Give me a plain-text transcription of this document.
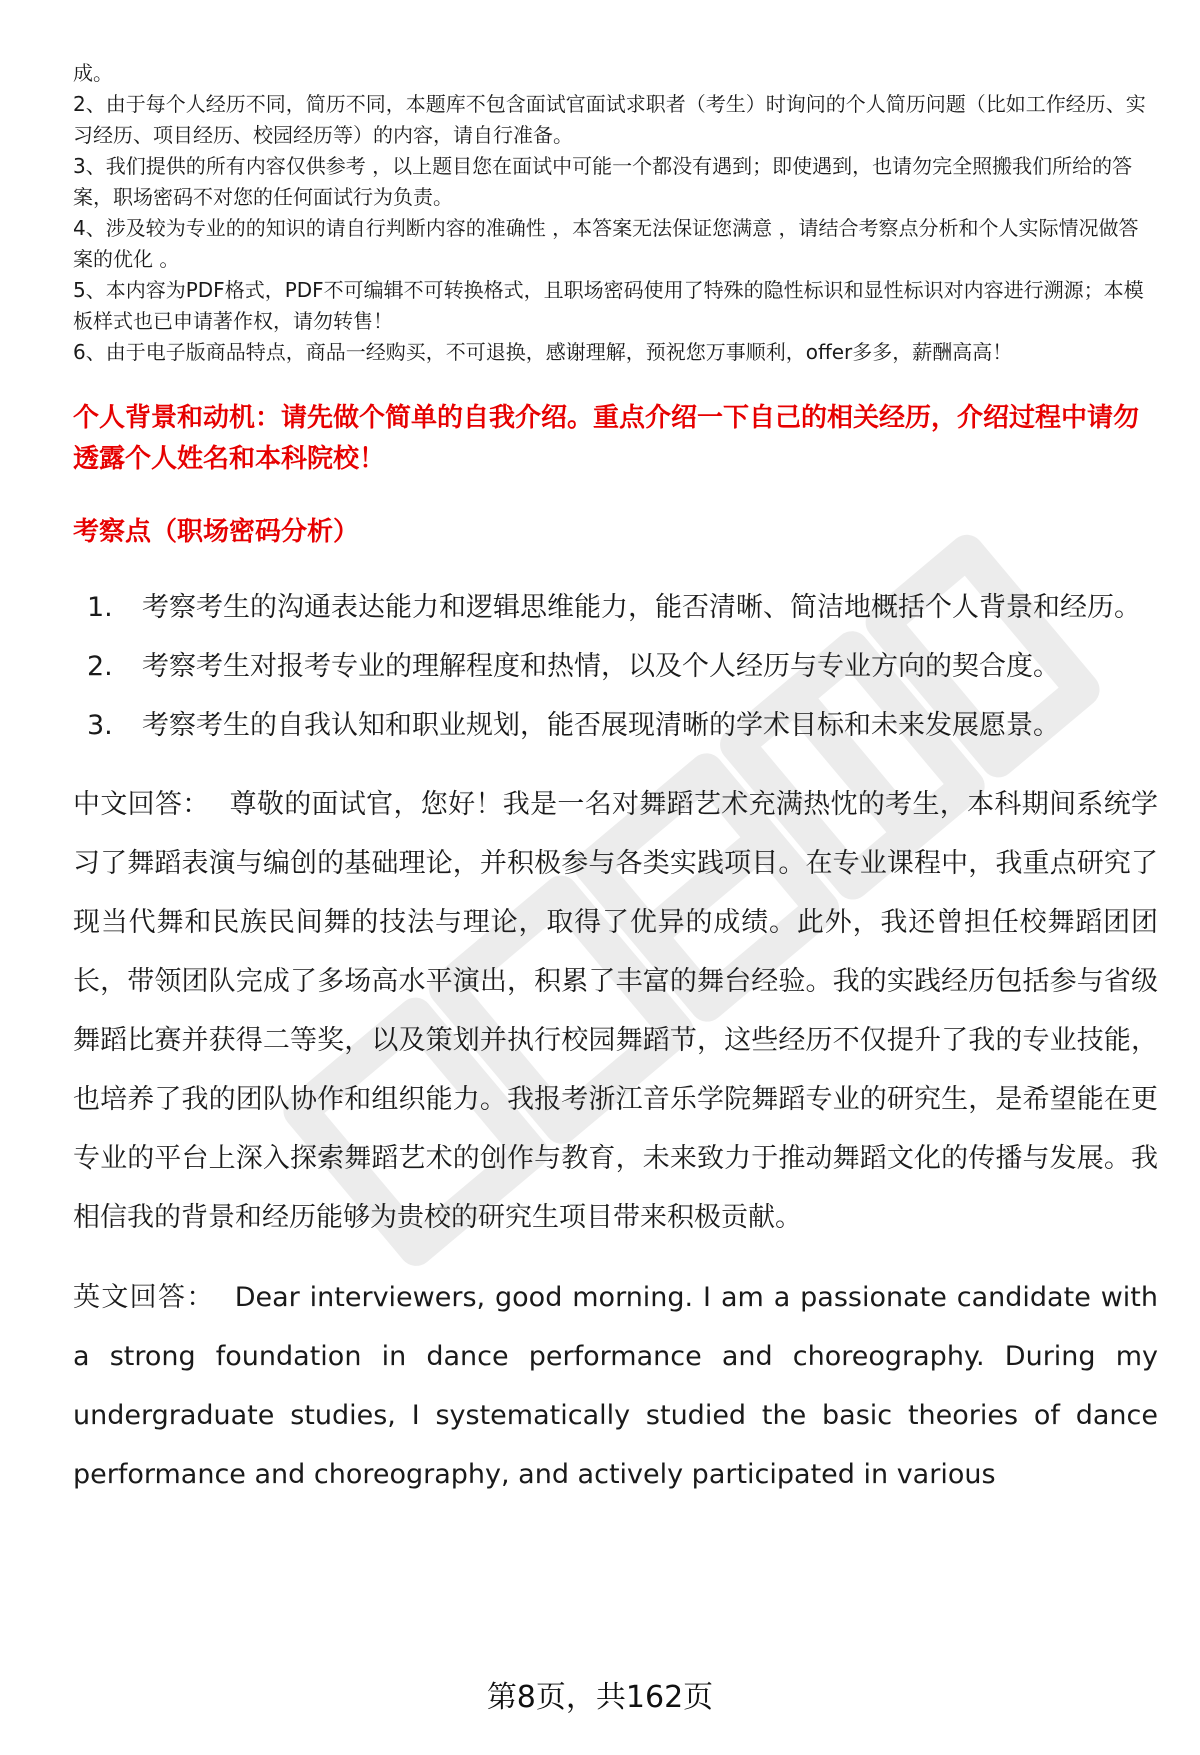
成。

2、由于每个人经历不同，简历不同，本题库不包含面试官面试求职者（考生）时询问的个人简历问题（比如工作经历、实习经历、项目经历、校园经历等）的内容，请自行准备。

3、我们提供的所有内容仅供参考 ，以上题目您在面试中可能一个都没有遇到；即使遇到，也请勿完全照搬我们所给的答案，职场密码不对您的任何面试行为负责。

4、涉及较为专业的的知识的请自行判断内容的准确性 ，本答案无法保证您满意 ，请结合考察点分析和个人实际情况做答案的优化 。

5、本内容为PDF格式，PDF不可编辑不可转换格式，且职场密码使用了特殊的隐性标识和显性标识对内容进行溯源；本模板样式也已申请著作权，请勿转售！

6、由于电子版商品特点，商品一经购买，不可退换，感谢理解，预祝您万事顺利，offer多多，薪酬高高！

个人背景和动机：请先做个简单的自我介绍。重点介绍一下自己的相关经历，介绍过程中请勿透露个人姓名和本科院校！

考察点（职场密码分析）

1. 考察考生的沟通表达能力和逻辑思维能力，能否清晰、简洁地概括个人背景和经历。
2. 考察考生对报考专业的理解程度和热情，以及个人经历与专业方向的契合度。
3. 考察考生的自我认知和职业规划，能否展现清晰的学术目标和未来发展愿景。

中文回答： 尊敬的面试官，您好！我是一名对舞蹈艺术充满热忱的考生，本科期间系统学习了舞蹈表演与编创的基础理论，并积极参与各类实践项目。在专业课程中，我重点研究了现当代舞和民族民间舞的技法与理论，取得了优异的成绩。此外，我还曾担任校舞蹈团团长，带领团队完成了多场高水平演出，积累了丰富的舞台经验。我的实践经历包括参与省级舞蹈比赛并获得二等奖，以及策划并执行校园舞蹈节，这些经历不仅提升了我的专业技能，也培养了我的团队协作和组织能力。我报考浙江音乐学院舞蹈专业的研究生，是希望能在更专业的平台上深入探索舞蹈艺术的创作与教育，未来致力于推动舞蹈文化的传播与发展。我相信我的背景和经历能够为贵校的研究生项目带来积极贡献。

英文回答： Dear interviewers, good morning. I am a passionate candidate with a strong foundation in dance performance and choreography. During my undergraduate studies, I systematically studied the basic theories of dance performance and choreography, and actively participated in various

第8页，共162页
